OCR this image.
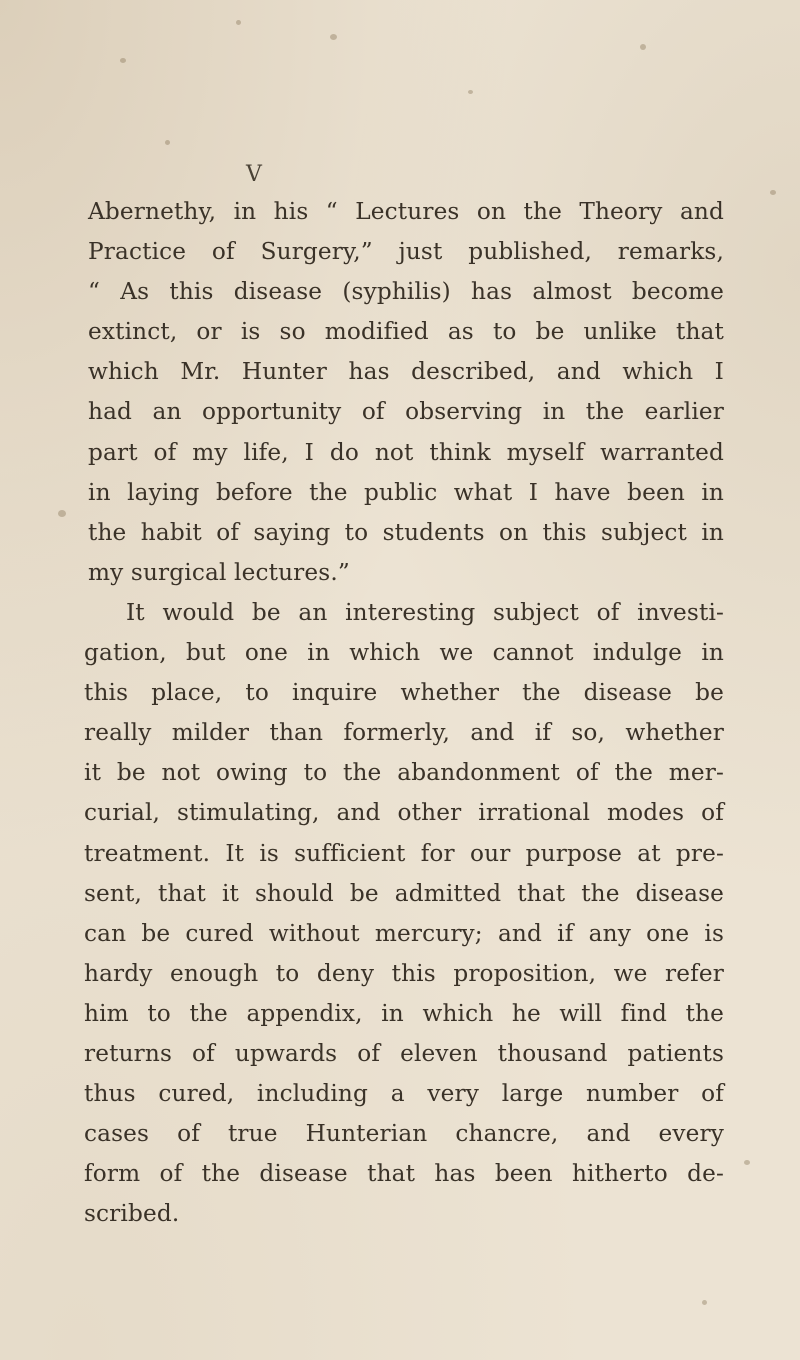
V
Abernethy, in his “ Lectures on the Theory and
Practice of Surgery,” just published, remarks,
“ As this disease (syphilis) has almost become
extinct, or is so modified as to be unlike that
which Mr. Hunter has described, and which I
had an opportunity of observing in the earlier
part of my life, I do not think myself warranted
in laying before the public what I have been in
the habit of saying to students on this subject in
my surgical lectures.”
It would be an interesting subject of investi-
gation, but one in which we cannot indulge in
this place, to inquire whether the disease be
really milder than formerly, and if so, whether
it be not owing to the abandonment of the mer-
curial, stimulating, and other irrational modes of
treatment. It is sufficient for our purpose at pre-
sent, that it should be admitted that the disease
can be cured without mercury; and if any one is
hardy enough to deny this proposition, we refer
him to the appendix, in which he will find the
returns of upwards of eleven thousand patients
thus cured, including a very large number of
cases of true Hunterian chancre, and every
form of the disease that has been hitherto de-
scribed.
